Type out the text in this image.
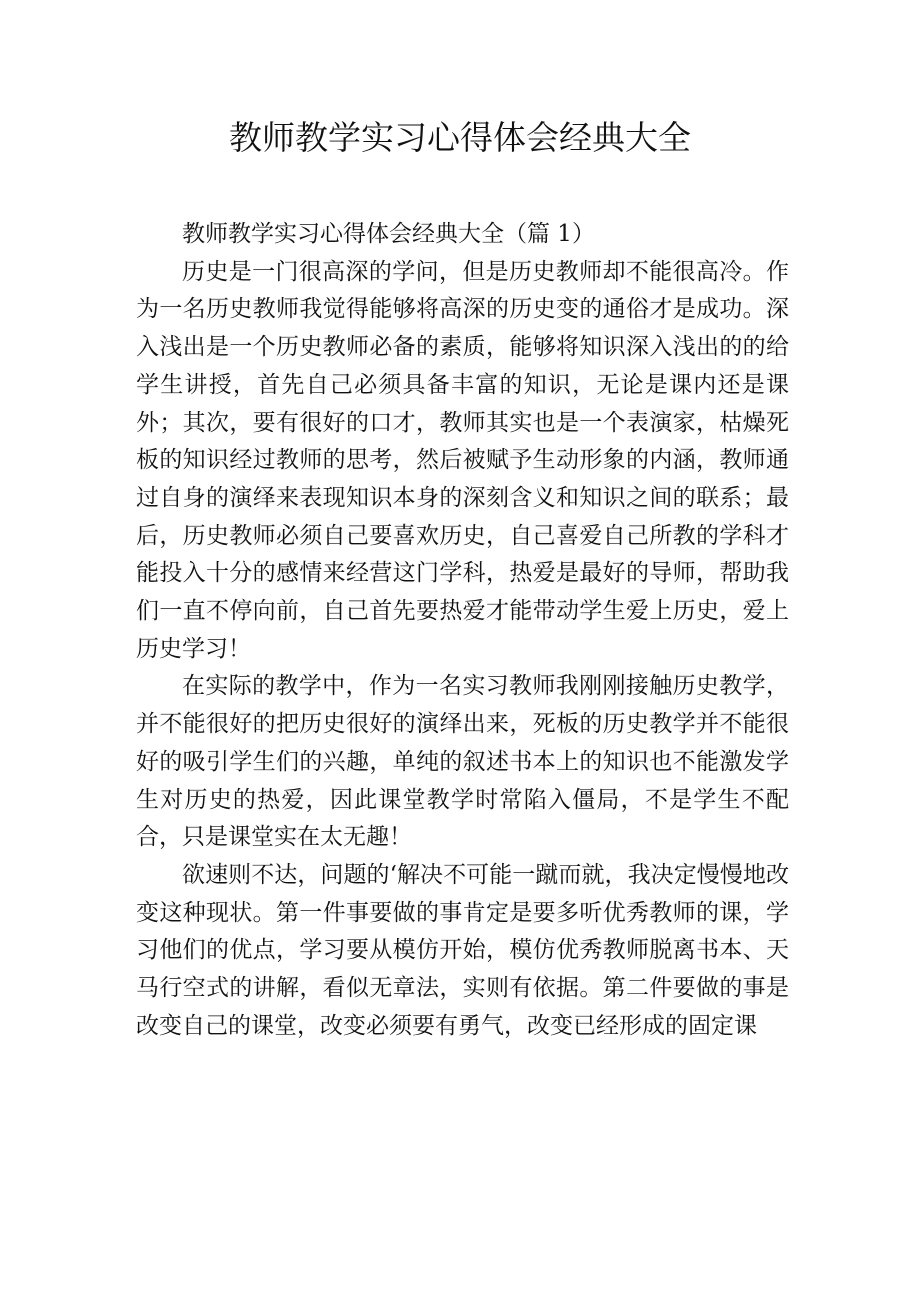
教师教学实习心得体会经典大全

教师教学实习心得体会经典大全（篇 1）

历史是一门很高深的学问，但是历史教师却不能很高冷。作为一名历史教师我觉得能够将高深的历史变的通俗才是成功。深入浅出是一个历史教师必备的素质，能够将知识深入浅出的的给学生讲授，首先自己必须具备丰富的知识，无论是课内还是课外；其次，要有很好的口才，教师其实也是一个表演家，枯燥死板的知识经过教师的思考，然后被赋予生动形象的内涵，教师通过自身的演绎来表现知识本身的深刻含义和知识之间的联系；最后，历史教师必须自己要喜欢历史，自己喜爱自己所教的学科才能投入十分的感情来经营这门学科，热爱是最好的导师，帮助我们一直不停向前，自己首先要热爱才能带动学生爱上历史，爱上历史学习！

在实际的教学中，作为一名实习教师我刚刚接触历史教学，并不能很好的把历史很好的演绎出来，死板的历史教学并不能很好的吸引学生们的兴趣，单纯的叙述书本上的知识也不能激发学生对历史的热爱，因此课堂教学时常陷入僵局，不是学生不配合，只是课堂实在太无趣！

欲速则不达，问题的‘解决不可能一蹴而就，我决定慢慢地改变这种现状。第一件事要做的事肯定是要多听优秀教师的课，学习他们的优点，学习要从模仿开始，模仿优秀教师脱离书本、天马行空式的讲解，看似无章法，实则有依据。第二件要做的事是改变自己的课堂，改变必须要有勇气，改变已经形成的固定课
